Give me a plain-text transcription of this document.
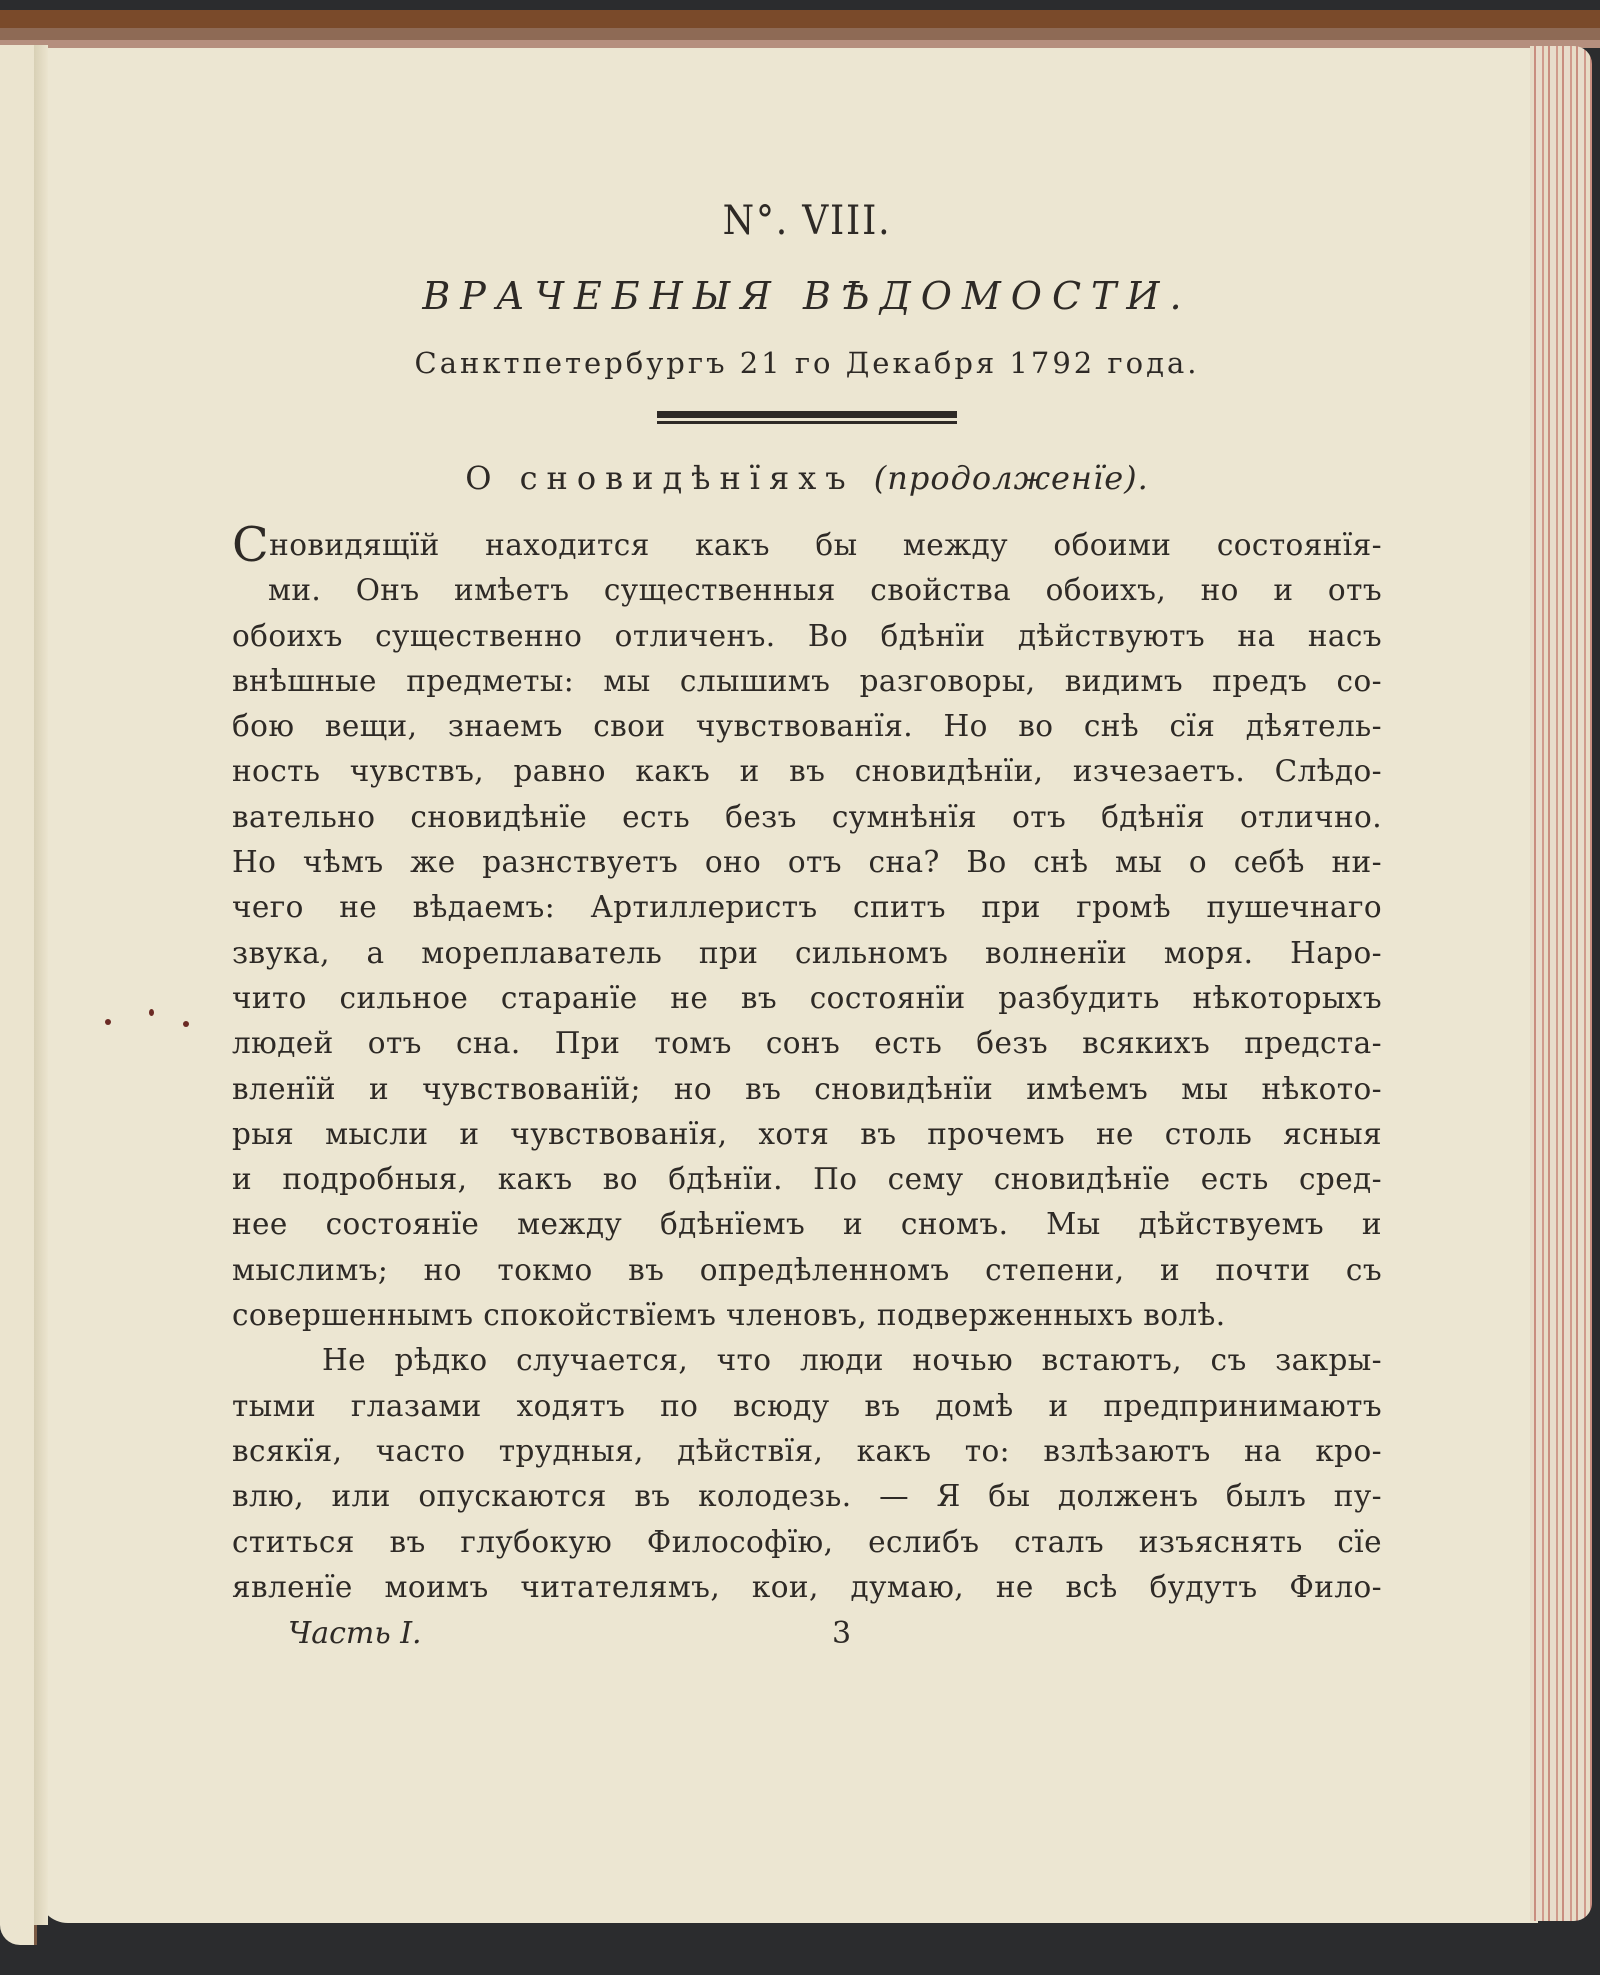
N°. VIII.
ВРАЧЕБНЫЯ ВѢДОМОСТИ.
Санктпетербургъ 21 го Декабря 1792 года.
О сновидѣнїяхъ (продолженїе).
Сновидящїй находится какъ бы между обоими состоянїя-
ми. Онъ имѣетъ существенныя свойства обоихъ, но и отъ
обоихъ существенно отличенъ. Во бдѣнїи дѣйствуютъ на насъ
внѣшные предметы: мы слышимъ разговоры, видимъ предъ со-
бою вещи, знаемъ свои чувствованїя. Но во снѣ сїя дѣятель-
ность чувствъ, равно какъ и въ сновидѣнїи, изчезаетъ. Слѣдо-
вательно сновидѣнїе есть безъ сумнѣнїя отъ бдѣнїя отлично.
Но чѣмъ же разнствуетъ оно отъ сна? Во снѣ мы о себѣ ни-
чего не вѣдаемъ: Артиллеристъ спитъ при громѣ пушечнаго
звука, а мореплаватель при сильномъ волненїи моря. Наро-
чито сильное старанїе не въ состоянїи разбудить нѣкоторыхъ
людей отъ сна. При томъ сонъ есть безъ всякихъ предста-
вленїй и чувствованїй; но въ сновидѣнїи имѣемъ мы нѣкото-
рыя мысли и чувствованїя, хотя въ прочемъ не столь ясныя
и подробныя, какъ во бдѣнїи. По сему сновидѣнїе есть сред-
нее состоянїе между бдѣнїемъ и сномъ. Мы дѣйствуемъ и
мыслимъ; но токмо въ опредѣленномъ степени, и почти съ
совершеннымъ спокойствїемъ членовъ, подверженныхъ волѣ.
Не рѣдко случается, что люди ночью встаютъ, съ закры-
тыми глазами ходятъ по всюду въ домѣ и предпринимаютъ
всякїя, часто трудныя, дѣйствїя, какъ то: взлѣзаютъ на кро-
влю, или опускаются въ колодезь. — Я бы долженъ былъ пу-
ститься въ глубокую Философїю, еслибъ сталъ изъяснять сїе
явленїе моимъ читателямъ, кои, думаю, не всѣ будутъ Фило-
Часть I.	3
